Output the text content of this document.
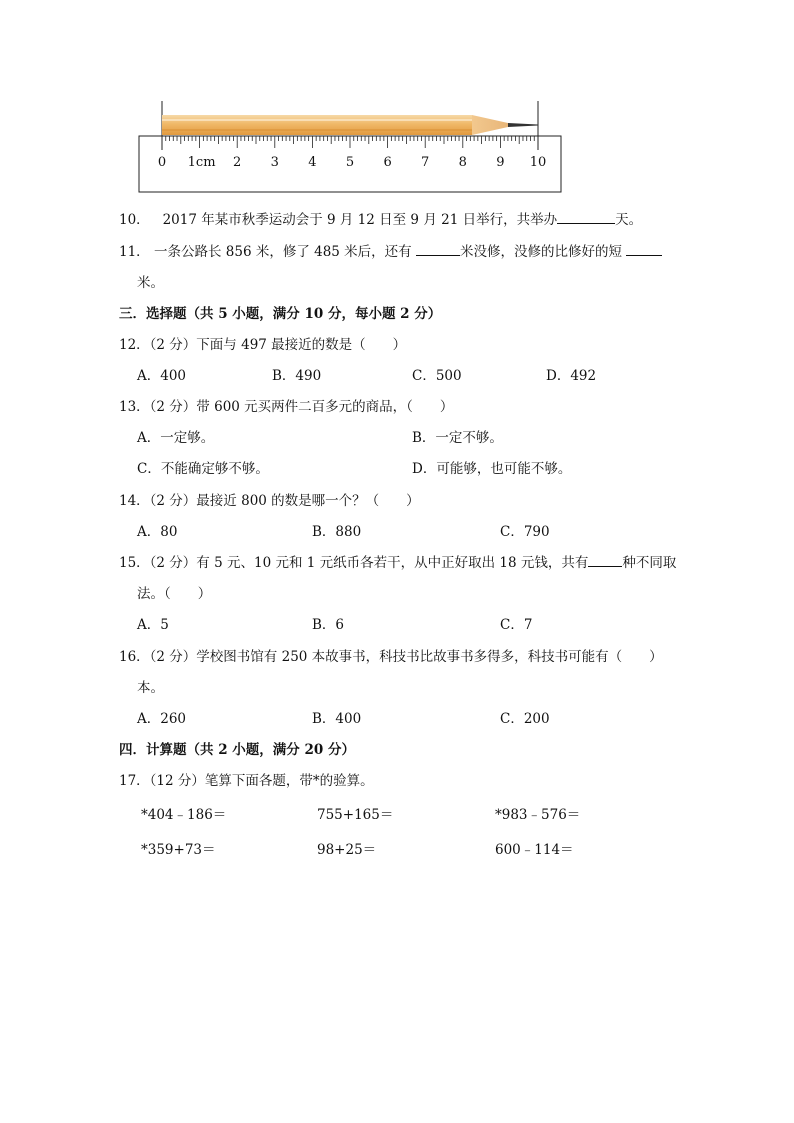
0 1cm 2 3 4 5 6 7 8 9 10
10． 2017 年某市秋季运动会于 9 月 12 日至 9 月 21 日举行，共举办	天。
11． 一条公路长 856 米，修了 485 米后，还有	米没修，没修的比修好的短
米。
三．选择题（共 5 小题，满分 10 分，每小题 2 分）
12．（2 分）下面与 497 最接近的数是（　　）
A．400	B．490	C．500	D．492
13．（2 分）带 600 元买两件二百多元的商品，（　　）
A．一定够。	B．一定不够。
C．不能确定够不够。	D．可能够，也可能不够。
14．（2 分）最接近 800 的数是哪一个？（　　）
A．80	B．880	C．790
15．（2 分）有 5 元、10 元和 1 元纸币各若干，从中正好取出 18 元钱，共有	种不同取
法。（　　）
A．5	B．6	C．7
16．（2 分）学校图书馆有 250 本故事书，科技书比故事书多得多，科技书可能有（　　）
本。
A．260	B．400	C．200
四．计算题（共 2 小题，满分 20 分）
17．（12 分）笔算下面各题，带*的验算。
*404﹣186＝	755+165＝	*983﹣576＝
*359+73＝	98+25＝	600﹣114＝
